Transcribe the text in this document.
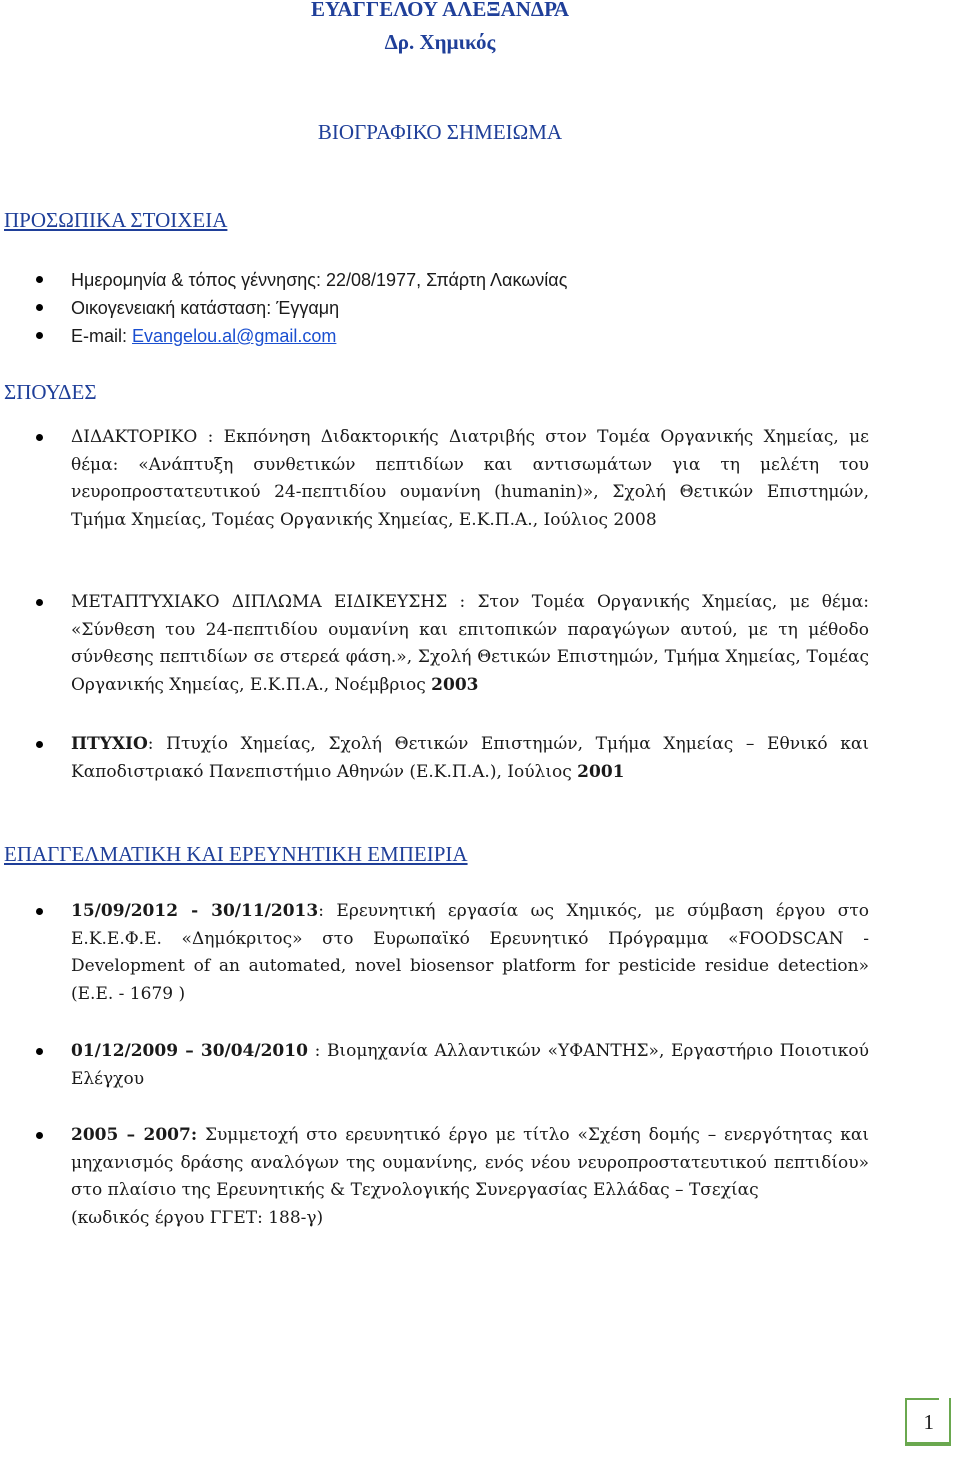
ΕΥΑΓΓΕΛΟΥ ΑΛΕΞΑΝΔΡΑ
Δρ. Χημικός
ΒΙΟΓΡΑΦΙΚΟ ΣΗΜΕΙΩΜΑ
ΠΡΟΣΩΠΙΚΑ ΣΤΟΙΧΕΙΑ
Ημερομηνία & τόπος γέννησης: 22/08/1977, Σπάρτη Λακωνίας
Οικογενειακή κατάσταση: Έγγαμη
E-mail: Evangelou.al@gmail.com
ΣΠΟΥΔΕΣ
ΔΙΔΑΚΤΟΡΙΚΟ : Εκπόνηση Διδακτορικής Διατριβής στον Τομέα Οργανικής Χημείας, με θέμα: «Ανάπτυξη συνθετικών πεπτιδίων και αντισωμάτων για τη μελέτη του νευροπροστατευτικού 24-πεπτιδίου ουμανίνη (humanin)», Σχολή Θετικών Επιστημών, Τμήμα Χημείας, Τομέας Οργανικής Χημείας, Ε.Κ.Π.Α., Ιούλιος 2008
ΜΕΤΑΠΤΥΧΙΑΚΟ ΔΙΠΛΩΜΑ ΕΙΔΙΚΕΥΣΗΣ : Στον Τομέα Οργανικής Χημείας, με θέμα: «Σύνθεση του 24-πεπτιδίου ουμανίνη και επιτοπικών παραγώγων αυτού, με τη μέθοδο σύνθεσης πεπτιδίων σε στερεά φάση.», Σχολή Θετικών Επιστημών, Τμήμα Χημείας, Τομέας Οργανικής Χημείας, Ε.Κ.Π.Α., Νοέμβριος 2003
ΠΤΥΧΙΟ: Πτυχίο Χημείας, Σχολή Θετικών Επιστημών, Τμήμα Χημείας – Εθνικό και Καποδιστριακό Πανεπιστήμιο Αθηνών (Ε.Κ.Π.Α.), Ιούλιος 2001
ΕΠΑΓΓΕΛΜΑΤΙΚΗ ΚΑΙ ΕΡΕΥΝΗΤΙΚΗ ΕΜΠΕΙΡΙΑ
15/09/2012 - 30/11/2013: Ερευνητική εργασία ως Χημικός, με σύμβαση έργου στο Ε.Κ.Ε.Φ.Ε. «Δημόκριτος» στο Ευρωπαϊκό Ερευνητικό Πρόγραμμα «FOODSCAN - Development of an automated, novel biosensor platform for pesticide residue detection» (Ε.Ε. - 1679 )
01/12/2009 – 30/04/2010 : Βιομηχανία Αλλαντικών «ΥΦΑΝΤΗΣ», Εργαστήριο Ποιοτικού Ελέγχου
2005 – 2007: Συμμετοχή στο ερευνητικό έργο με τίτλο «Σχέση δομής – ενεργότητας και μηχανισμός δράσης αναλόγων της ουμανίνης, ενός νέου νευροπροστατευτικού πεπτιδίου» στο πλαίσιο της Ερευνητικής & Τεχνολογικής Συνεργασίας Ελλάδας – Τσεχίας
(κωδικός έργου ΓΓΕΤ: 188-γ)
1
